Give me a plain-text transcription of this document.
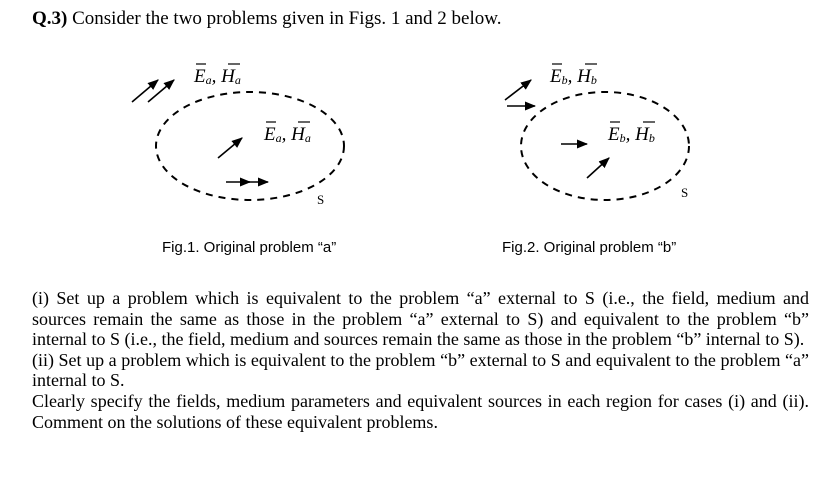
Q.3) Consider the two problems given in Figs. 1 and 2 below.
Ea, Ha
Ea, Ha
S
Eb, Hb
Eb, Hb
S
Fig.1. Original problem “a”	Fig.2. Original problem “b”

(i) Set up a problem which is equivalent to the problem “a” external to S (i.e., the field, medium and sources remain the same as those in the problem “a” external to S) and equivalent to the problem “b” internal to S (i.e., the field, medium and sources remain the same as those in the problem “b” internal to S).

(ii) Set up a problem which is equivalent to the problem “b” external to S and equivalent to the problem “a” internal to S.

Clearly specify the fields, medium parameters and equivalent sources in each region for cases (i) and (ii). Comment on the solutions of these equivalent problems.
